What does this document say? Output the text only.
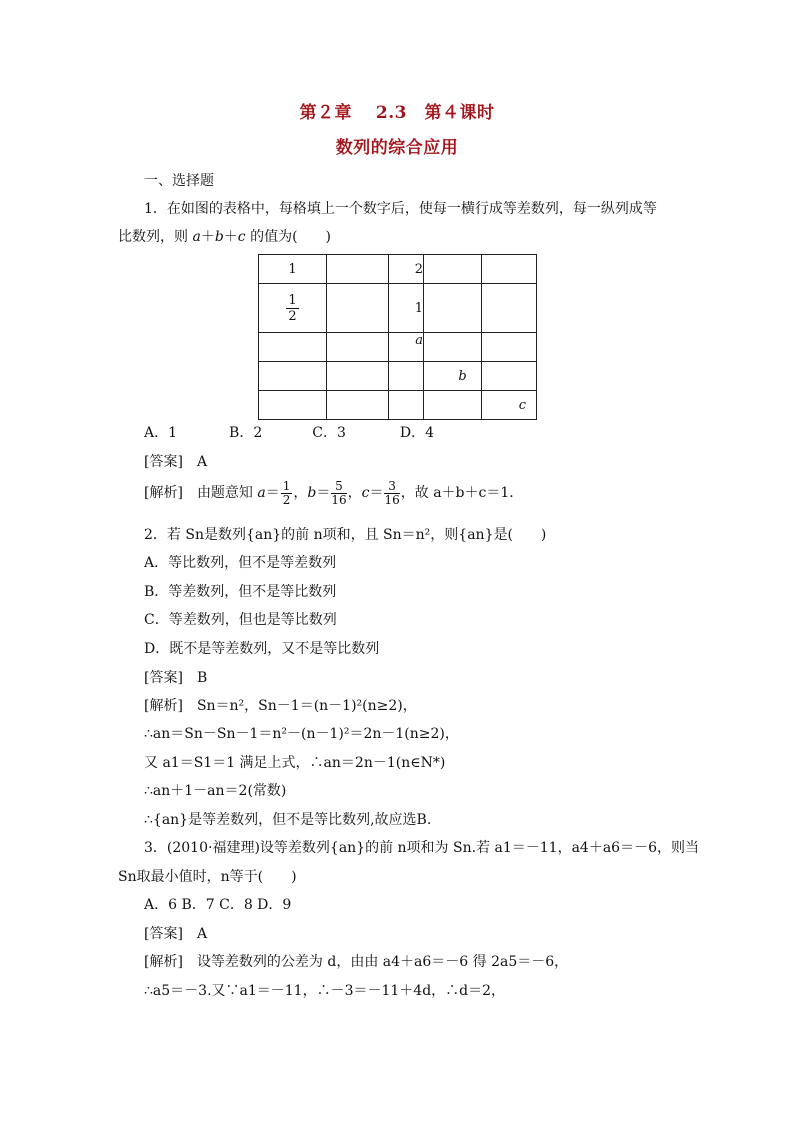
第２章　 2.3　第４课时
数列的综合应用
一、选择题
1．在如图的表格中，每格填上一个数字后，使每一横行成等差数列，每一纵列成等
比数列，则 a＋b＋c 的值为(　　)
1		2		

$\frac{1}{2}$		1		
		a		
			b	
				c
A．1	B．2	C．3	D．4
[答案]　 A
[解析]　 由题意知 $a= \frac{1}{2}$ ，$b= \frac{5}{16}$ ，$c= \frac{3}{16}$ ，故 a＋b＋c＝1.
2．若 Sn是数列{an}的前 n项和，且 Sn＝n²，则{an}是(　　)
A．等比数列，但不是等差数列
B．等差数列，但不是等比数列
C．等差数列，但也是等比数列
D．既不是等差数列，又不是等比数列
[答案]　 B
[解析]　 Sn＝n²，Sn－1＝(n－1)²(n≥2)，
∴an＝Sn－Sn－1＝n²－(n－1)²＝2n－1(n≥2)，
又 a1＝S1＝1 满足上式，∴an＝2n－1(n∈N*)
∴an＋1－an＝2(常数)
∴{an}是等差数列，但不是等比数列,故应选B.
3．(2010·福建理)设等差数列{an}的前 n项和为 Sn.若 a1＝－11，a4＋a6＝－6，则当
Sn取最小值时，n等于(　　)
A．6 B．7 C．8 D．9
[答案]　 A
[解析]　 设等差数列的公差为 d，由由 a4＋a6＝－6 得 2a5＝－6，
∴a5＝－3.又∵a1＝－11，∴－3＝－11＋4d，∴d＝2，
